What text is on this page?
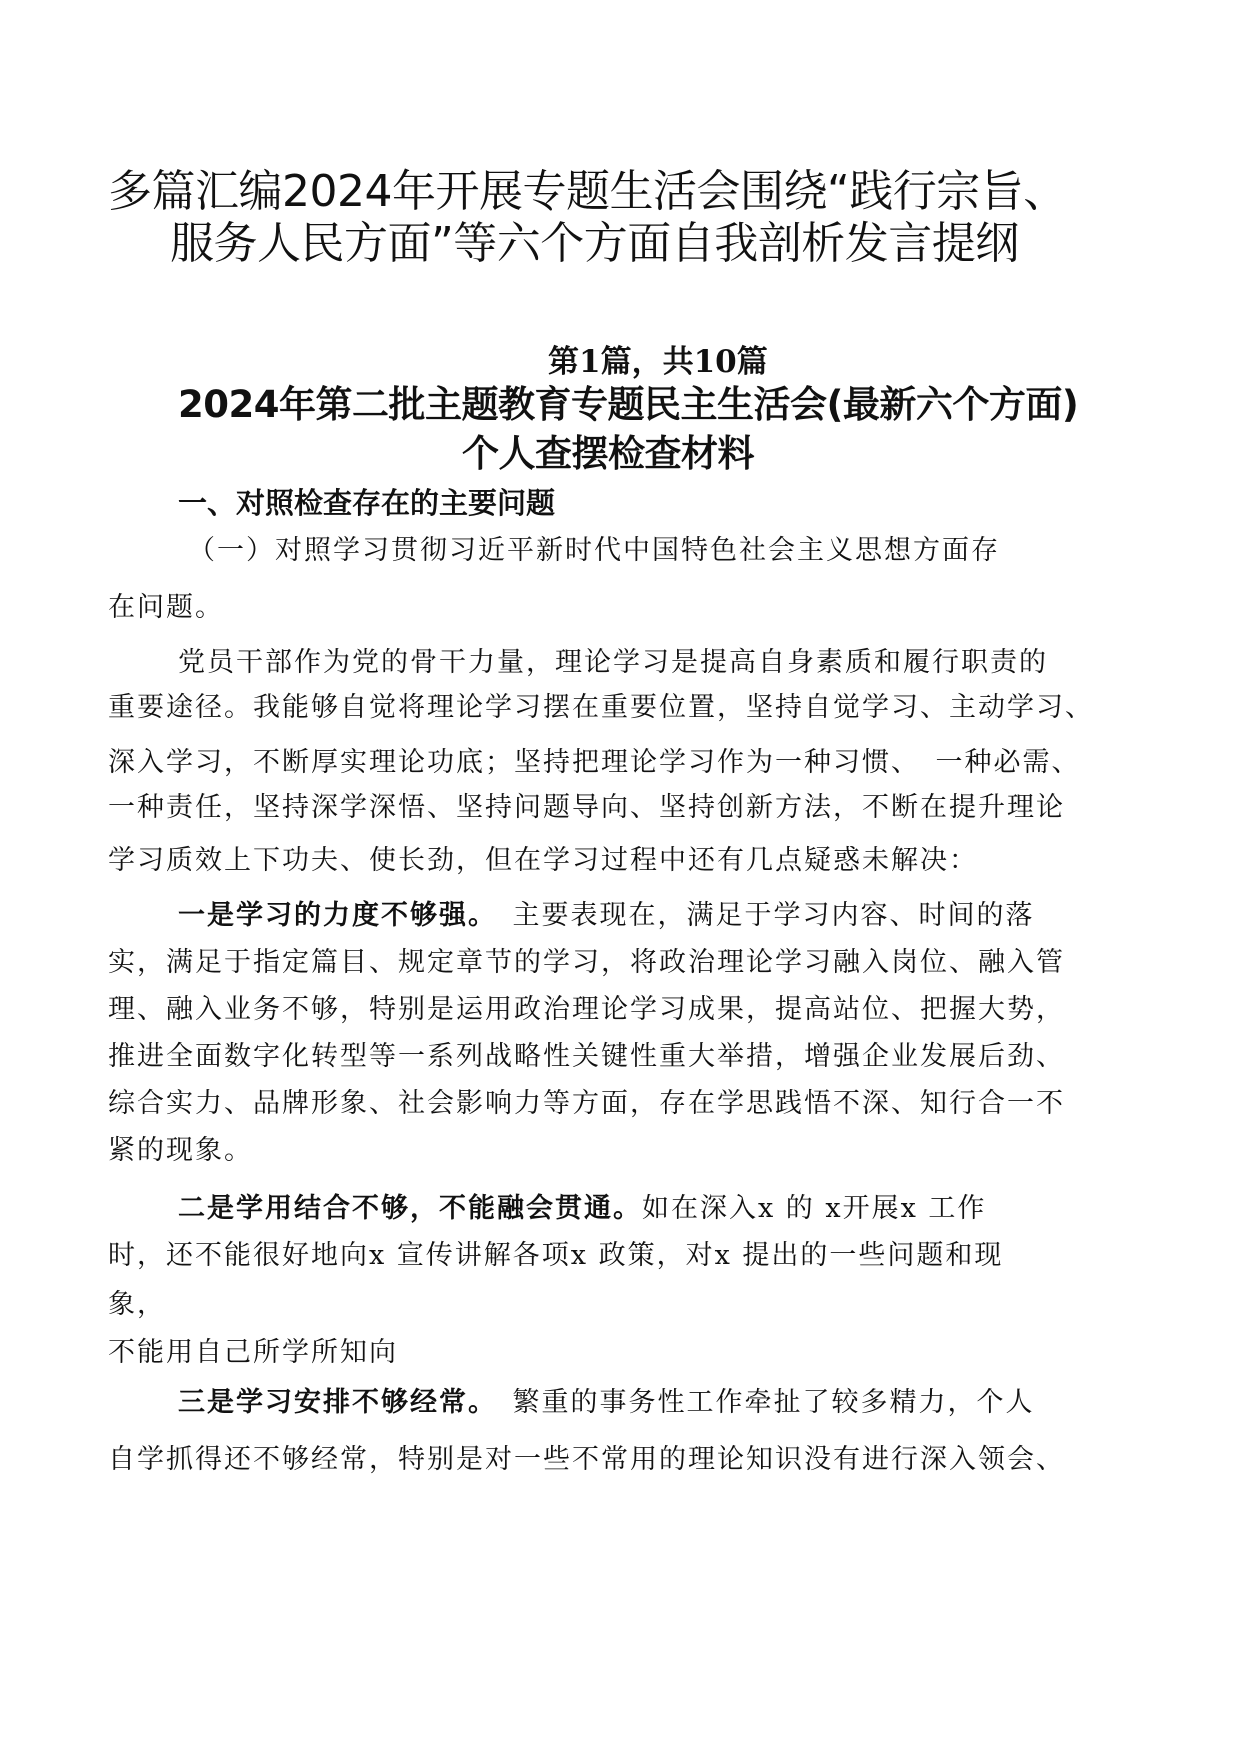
多篇汇编2024年开展专题生活会围绕“践行宗旨、
服务人民方面”等六个方面自我剖析发言提纲
第1篇，共10篇
2024年第二批主题教育专题民主生活会(最新六个方面)
个人查摆检查材料
一、对照检查存在的主要问题
（一）对照学习贯彻习近平新时代中国特色社会主义思想方面存
在问题。
党员干部作为党的骨干力量，理论学习是提高自身素质和履行职责的
重要途径。我能够自觉将理论学习摆在重要位置，坚持自觉学习、主动学习、
深入学习，不断厚实理论功底；坚持把理论学习作为一种习惯、　一种必需、
一种责任，坚持深学深悟、坚持问题导向、坚持创新方法，不断在提升理论
学习质效上下功夫、使长劲，但在学习过程中还有几点疑惑未解决：
一是学习的力度不够强。　主要表现在，满足于学习内容、时间的落
实，满足于指定篇目、规定章节的学习，将政治理论学习融入岗位、融入管
理、融入业务不够，特别是运用政治理论学习成果，提高站位、把握大势，
推进全面数字化转型等一系列战略性关键性重大举措，增强企业发展后劲、
综合实力、品牌形象、社会影响力等方面，存在学思践悟不深、知行合一不
紧的现象。
二是学用结合不够，不能融会贯通。如在深入x 的 x开展x 工作
时，还不能很好地向x 宣传讲解各项x 政策，对x 提出的一些问题和现
象，
不能用自己所学所知向
三是学习安排不够经常。　繁重的事务性工作牵扯了较多精力，个人
自学抓得还不够经常，特别是对一些不常用的理论知识没有进行深入领会、
